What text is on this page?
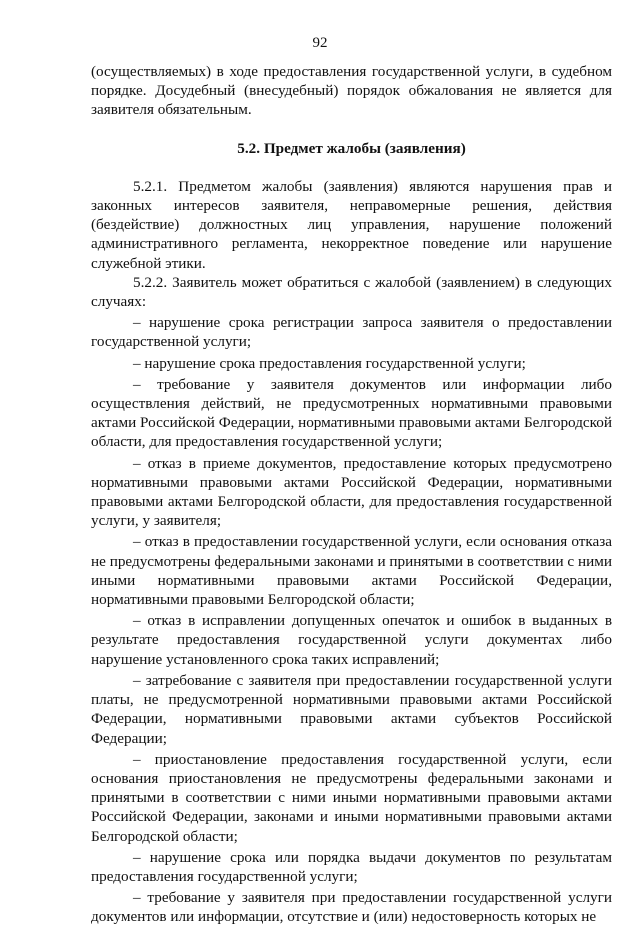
92

(осуществляемых) в ходе предоставления государственной услуги, в судебном порядке. Досудебный (внесудебный) порядок обжалования не является для заявителя обязательным.

5.2. Предмет жалобы (заявления)

5.2.1. Предметом жалобы (заявления) являются нарушения прав и законных интересов заявителя, неправомерные решения, действия (бездействие) должностных лиц управления, нарушение положений административного регламента, некорректное поведение или нарушение служебной этики.

5.2.2. Заявитель может обратиться с жалобой (заявлением) в следующих случаях:

– нарушение срока регистрации запроса заявителя о предоставлении государственной услуги;

– нарушение срока предоставления государственной услуги;

– требование у заявителя документов или информации либо осуществления действий, не предусмотренных нормативными правовыми актами Российской Федерации, нормативными правовыми актами Белгородской области, для предоставления государственной услуги;

– отказ в приеме документов, предоставление которых предусмотрено нормативными правовыми актами Российской Федерации, нормативными правовыми актами Белгородской области, для предоставления государственной услуги, у заявителя;

– отказ в предоставлении государственной услуги, если основания отказа не предусмотрены федеральными законами и принятыми в соответствии с ними иными нормативными правовыми актами Российской Федерации, нормативными правовыми Белгородской области;

– отказ в исправлении допущенных опечаток и ошибок в выданных в результате предоставления государственной услуги документах либо нарушение установленного срока таких исправлений;

– затребование с заявителя при предоставлении государственной услуги платы, не предусмотренной нормативными правовыми актами Российской Федерации, нормативными правовыми актами субъектов Российской Федерации;

– приостановление предоставления государственной услуги, если основания приостановления не предусмотрены федеральными законами и принятыми в соответствии с ними иными нормативными правовыми актами Российской Федерации, законами и иными нормативными правовыми актами Белгородской области;

– нарушение срока или порядка выдачи документов по результатам предоставления государственной услуги;

– требование у заявителя при предоставлении государственной услуги документов или информации, отсутствие и (или) недостоверность которых не
